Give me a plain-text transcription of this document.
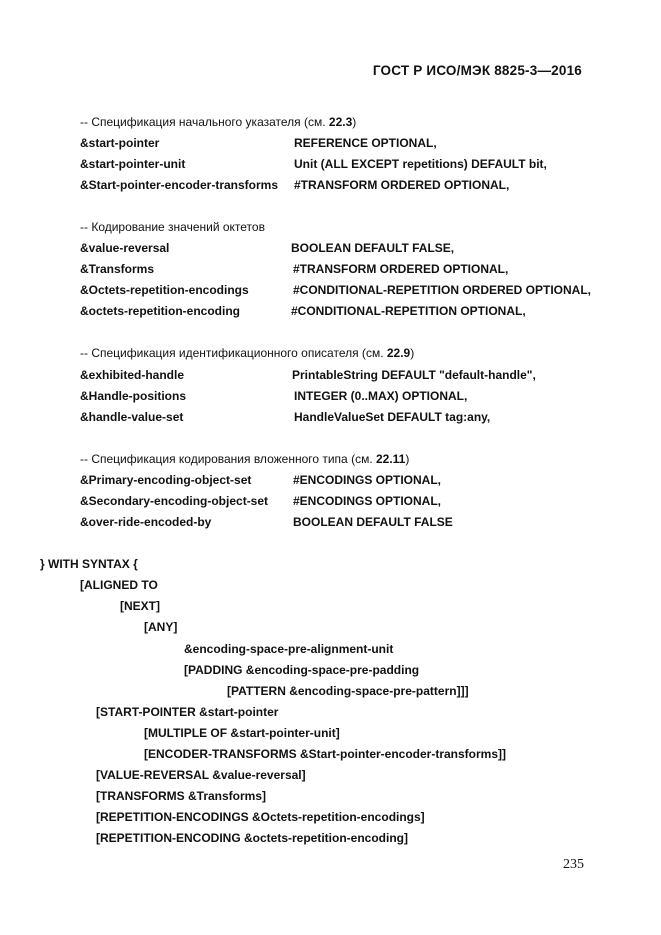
ГОСТ Р ИСО/МЭК 8825-3—2016
-- Спецификация начального указателя (см. 22.3)
&start-pointer	REFERENCE OPTIONAL,
&start-pointer-unit	Unit (ALL EXCEPT repetitions) DEFAULT bit,
&Start-pointer-encoder-transforms #TRANSFORM ORDERED OPTIONAL,
-- Кодирование значений октетов
&value-reversal	BOOLEAN DEFAULT FALSE,
&Transforms	#TRANSFORM ORDERED OPTIONAL,
&Octets-repetition-encodings	#CONDITIONAL-REPETITION ORDERED OPTIONAL,
&octets-repetition-encoding	#CONDITIONAL-REPETITION OPTIONAL,
-- Спецификация идентификационного описателя (см. 22.9)
&exhibited-handle	PrintableString DEFAULT "default-handle",
&Handle-positions	INTEGER (0..MAX) OPTIONAL,
&handle-value-set	HandleValueSet DEFAULT tag:any,
-- Спецификация кодирования вложенного типа (см. 22.11)
&Primary-encoding-object-set	#ENCODINGS OPTIONAL,
&Secondary-encoding-object-set #ENCODINGS OPTIONAL,
&over-ride-encoded-by	BOOLEAN DEFAULT FALSE
} WITH SYNTAX {
[ALIGNED TO
[NEXT]
[ANY]
&encoding-space-pre-alignment-unit
[PADDING &encoding-space-pre-padding
[PATTERN &encoding-space-pre-pattern]]]
[START-POINTER &start-pointer
[MULTIPLE OF &start-pointer-unit]
[ENCODER-TRANSFORMS &Start-pointer-encoder-transforms]]
[VALUE-REVERSAL &value-reversal]
[TRANSFORMS &Transforms]
[REPETITION-ENCODINGS &Octets-repetition-encodings]
[REPETITION-ENCODING &octets-repetition-encoding]
235
